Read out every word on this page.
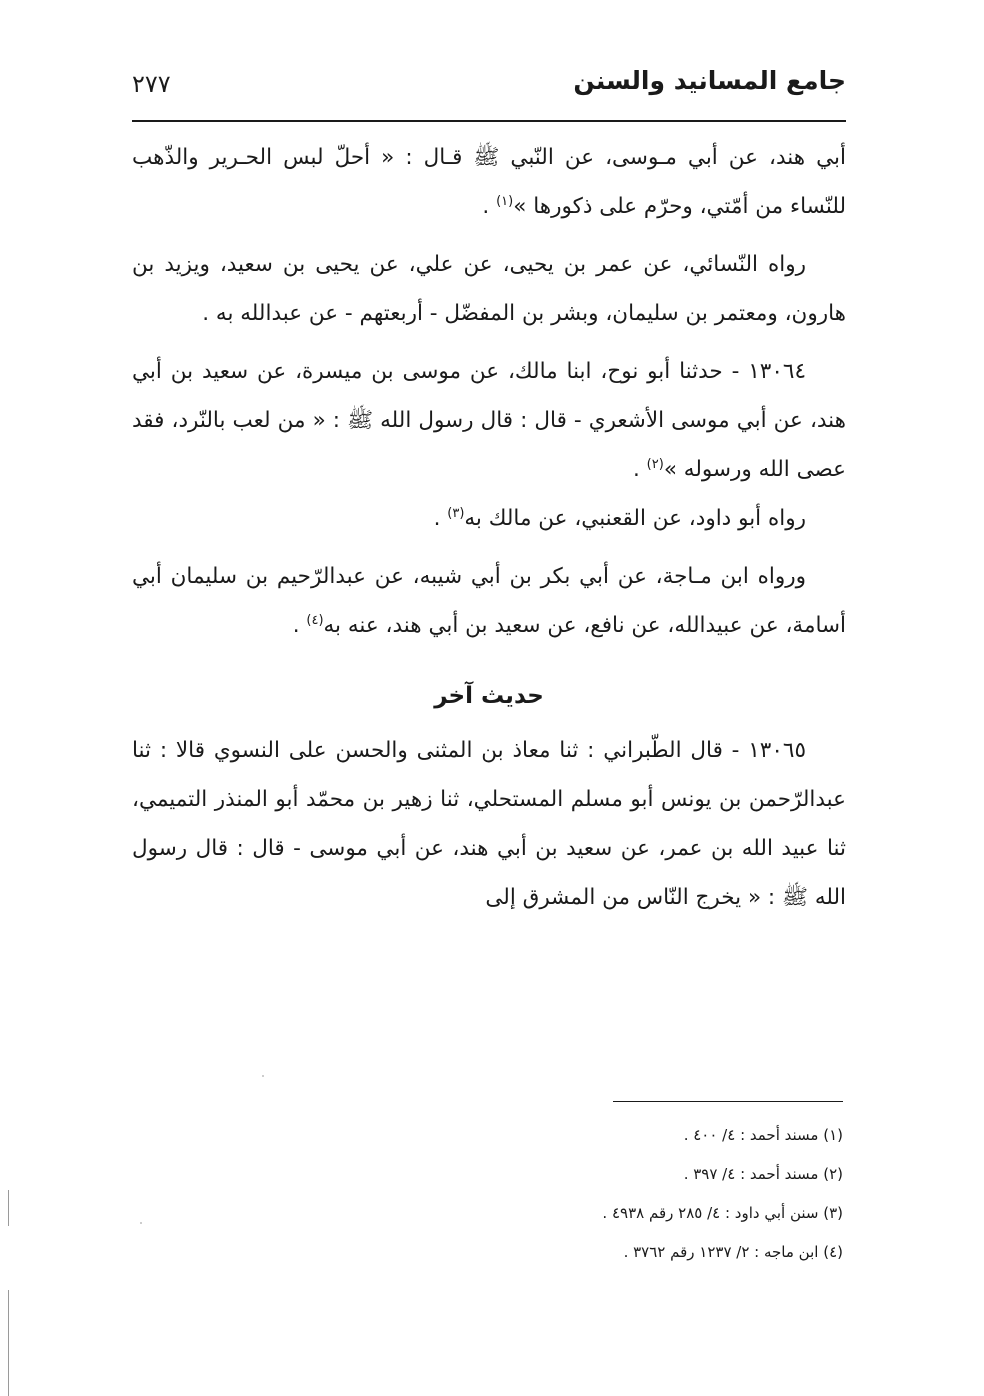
جامع المسانيد والسنن
٢٧٧

أبي هند، عن أبي مـوسى، عن النّبي ﷺ قـال : « أحلّ لبس الحـرير والذّهب للنّساء من أمّتي، وحرّم على ذكورها »$^{(١)}$ .

رواه النّسائي، عن عمر بن يحيى، عن علي، عن يحيى بن سعيد، ويزيد بن هارون، ومعتمر بن سليمان، وبشر بن المفضّل - أربعتهم - عن عبدالله به .

١٣٠٦٤ - حدثنا أبو نوح، ابنا مالك، عن موسى بن ميسرة، عن سعيد بن أبي هند، عن أبي موسى الأشعري - قال : قال رسول الله ﷺ : « من لعب بالنّرد، فقد عصى الله ورسوله »$^{(٢)}$ .

رواه أبو داود، عن القعنبي، عن مالك به$^{(٣)}$ .

ورواه ابن مـاجة، عن أبي بكر بن أبي شيبه، عن عبدالرّحيم بن سليمان أبي أسامة، عن عبيدالله، عن نافع، عن سعيد بن أبي هند، عنه به$^{(٤)}$ .

حديث آخر

١٣٠٦٥ - قال الطّبراني : ثنا معاذ بن المثنى والحسن على النسوي قالا : ثنا عبدالرّحمن بن يونس أبو مسلم المستحلي، ثنا زهير بن محمّد أبو المنذر التميمي، ثنا عبيد الله بن عمر، عن سعيد بن أبي هند، عن أبي موسى - قال : قال رسول الله ﷺ : « يخرج النّاس من المشرق إلى

(١) مسند أحمد : ٤/ ٤٠٠ .

(٢) مسند أحمد : ٤/ ٣٩٧ .

(٣) سنن أبي داود : ٤/ ٢٨٥ رقم ٤٩٣٨ .

(٤) ابن ماجه : ٢/ ١٢٣٧ رقم ٣٧٦٢ .
